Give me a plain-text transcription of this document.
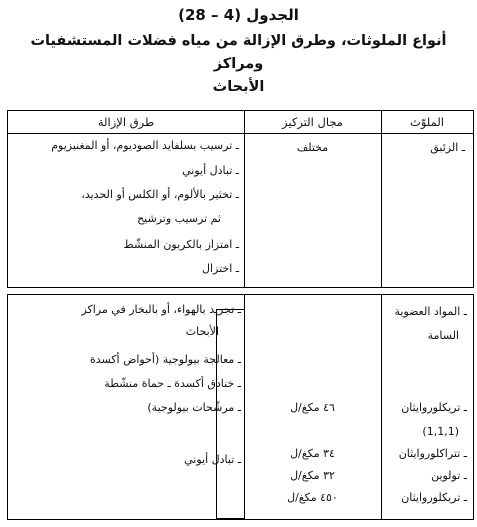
الجدول (4 – 28)
أنواع الملوثات، وطرق الإزالة من مياه فضلات المستشفيات ومراكز
الأبحاث
طرق الإزالة	مجال التركيز	الملوّث
ـ الزئبق
مختلف
ـ ترسيب بسلفايد الصوديوم، أو المغنيزيوم
ـ تبادل أيوني
ـ تخثير بالألوم، أو الكلس أو الحديد،
ثم ترسيب وترشيح
ـ امتزاز بالكربون المنشّط
ـ اختزال
ـ المواد العضوية
السامة
ـ تجريد بالهواء، أو بالبخار في مراكز
الأبحاث
ـ معالجة بيولوجية (أحواض أكسدة
ـ خنادق أكسدة ـ حماة منشّطة
ـ مرشّحات بيولوجية)
ـ تبادل أيوني
ـ تريكلوروايثان
(1,1,1)
ـ تتراكلوروايثان
ـ تولوين
ـ تريكلوروايثان
٤٦ مكغ/ل
٣٤ مكغ/ل
٣٢ مكغ/ل
٤٥٠ مكغ/ل
